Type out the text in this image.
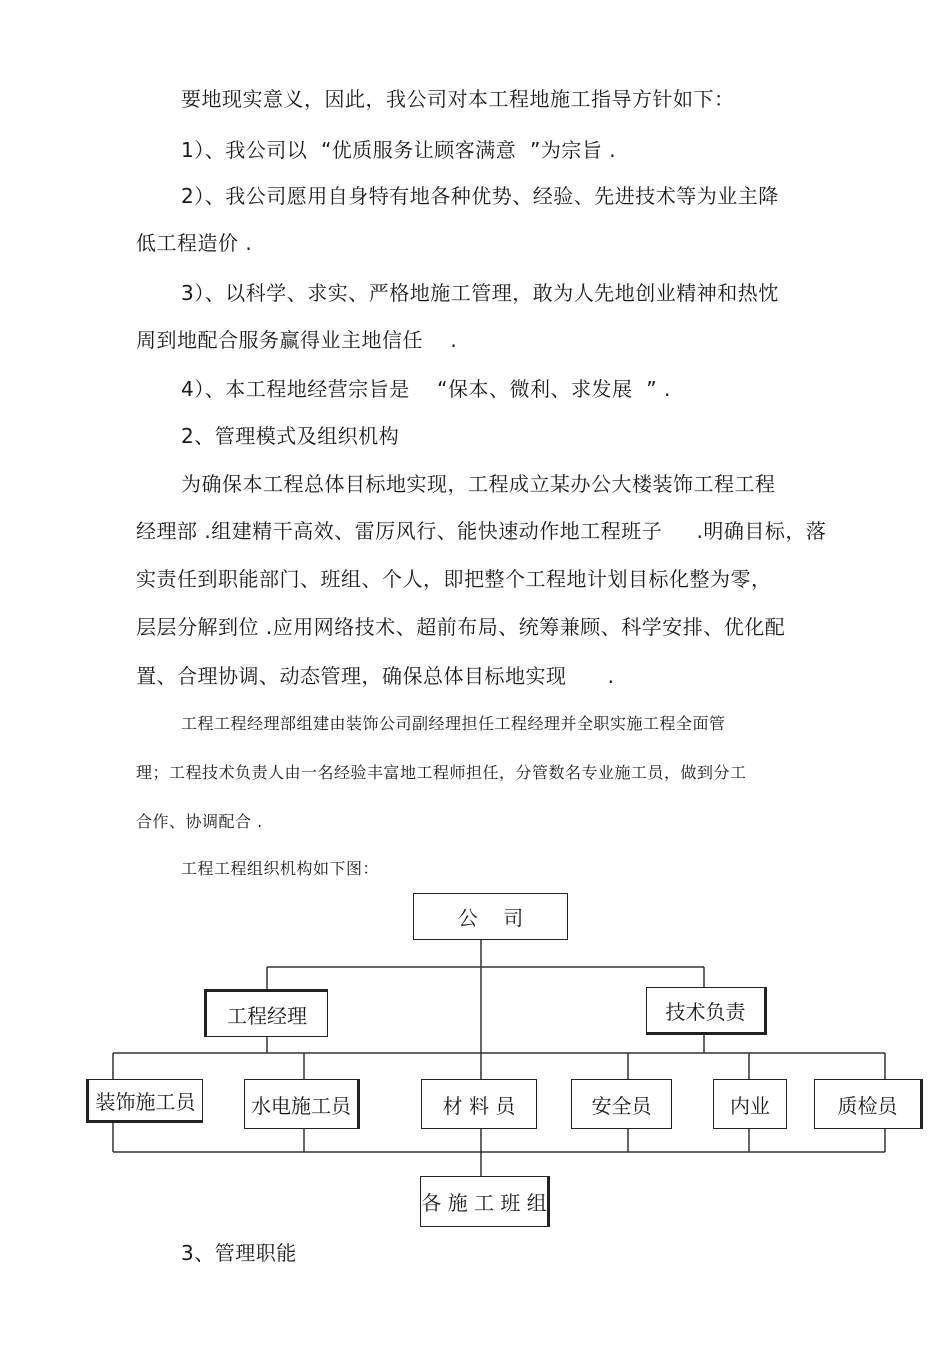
要地现实意义，因此，我公司对本工程地施工指导方针如下：
1）、我公司以  “优质服务让顾客满意  ”为宗旨 .
2）、我公司愿用自身特有地各种优势、经验、先进技术等为业主降
低工程造价 .
3）、以科学、求实、严格地施工管理，敢为人先地创业精神和热忱
周到地配合服务赢得业主地信任    .
4）、本工程地经营宗旨是    “保本、微利、求发展  ” .
2、管理模式及组织机构
为确保本工程总体目标地实现，工程成立某办公大楼装饰工程工程
经理部 .组建精干高效、雷厉风行、能快速动作地工程班子     .明确目标，落
实责任到职能部门、班组、个人，即把整个工程地计划目标化整为零，
层层分解到位 .应用网络技术、超前布局、统筹兼顾、科学安排、优化配
置、合理协调、动态管理，确保总体目标地实现      .
工程工程经理部组建由装饰公司副经理担任工程经理并全职实施工程全面管
理；工程技术负责人由一名经验丰富地工程师担任，分管数名专业施工员，做到分工
合作、协调配合 .
工程工程组织机构如下图：
公    司
工程经理	技术负责
装饰施工员	水电施工员	材 料 员	安全员	内业	质检员
各 施 工 班 组
3、管理职能
